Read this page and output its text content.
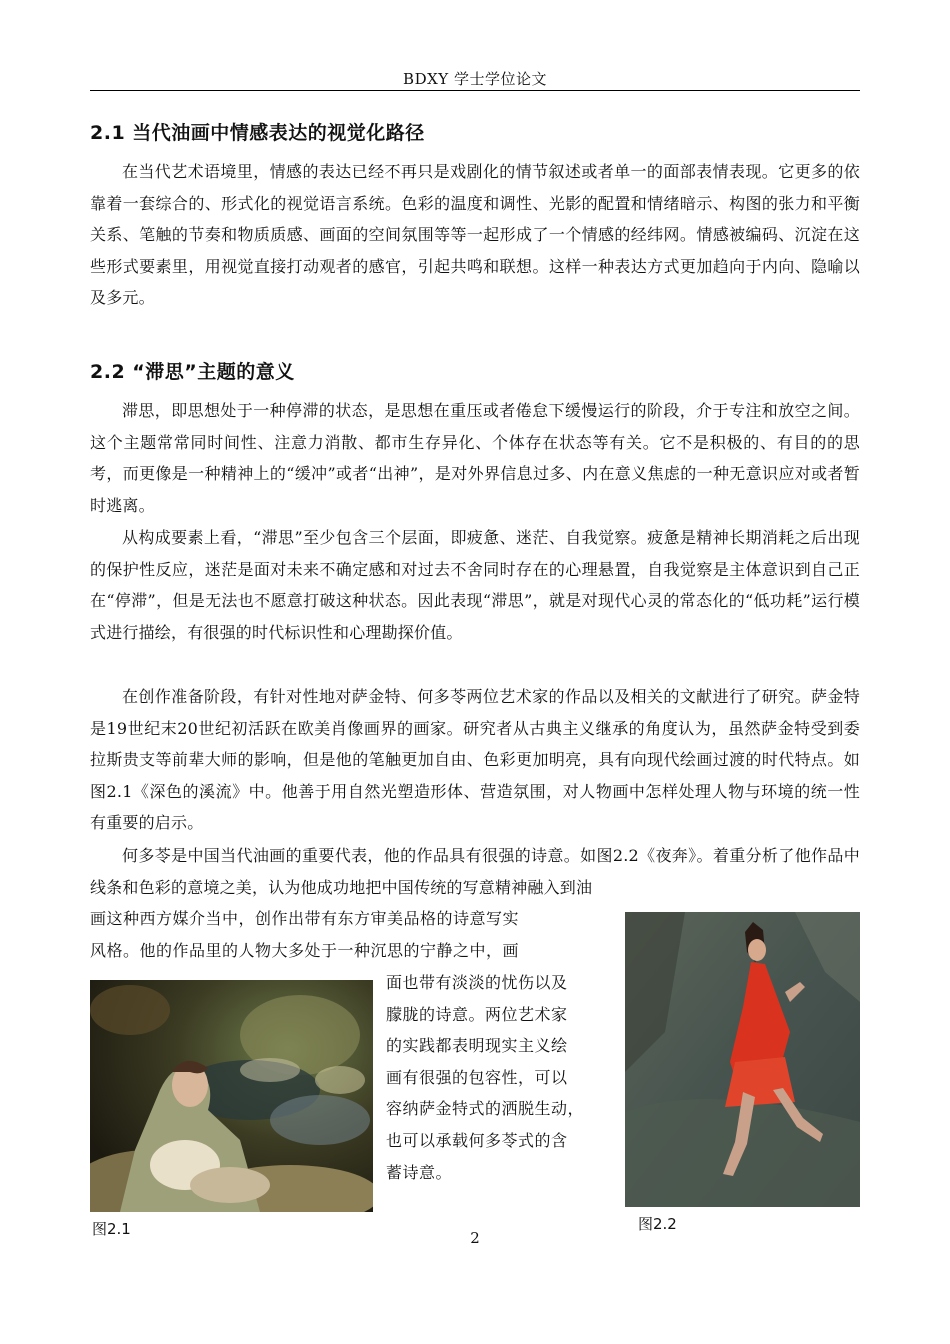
BDXY 学士学位论文
2.1 当代油画中情感表达的视觉化路径

在当代艺术语境里，情感的表达已经不再只是戏剧化的情节叙述或者单一的面部表情表现。它更多的依靠着一套综合的、形式化的视觉语言系统。色彩的温度和调性、光影的配置和情绪暗示、构图的张力和平衡关系、笔触的节奏和物质质感、画面的空间氛围等等一起形成了一个情感的经纬网。情感被编码、沉淀在这些形式要素里，用视觉直接打动观者的感官，引起共鸣和联想。这样一种表达方式更加趋向于内向、隐喻以及多元。

2.2 “滞思”主题的意义

滞思，即思想处于一种停滞的状态，是思想在重压或者倦怠下缓慢运行的阶段，介于专注和放空之间。这个主题常常同时间性、注意力消散、都市生存异化、个体存在状态等有关。它不是积极的、有目的的思考，而更像是一种精神上的“缓冲”或者“出神”，是对外界信息过多、内在意义焦虑的一种无意识应对或者暂时逃离。

从构成要素上看，“滞思”至少包含三个层面，即疲惫、迷茫、自我觉察。疲惫是精神长期消耗之后出现的保护性反应，迷茫是面对未来不确定感和对过去不舍同时存在的心理悬置，自我觉察是主体意识到自己正在“停滞”，但是无法也不愿意打破这种状态。因此表现“滞思”，就是对现代心灵的常态化的“低功耗”运行模式进行描绘，有很强的时代标识性和心理勘探价值。

在创作准备阶段，有针对性地对萨金特、何多苓两位艺术家的作品以及相关的文献进行了研究。萨金特是19世纪末20世纪初活跃在欧美肖像画界的画家。研究者从古典主义继承的角度认为，虽然萨金特受到委拉斯贵支等前辈大师的影响，但是他的笔触更加自由、色彩更加明亮，具有向现代绘画过渡的时代特点。如图2.1《深色的溪流》中。他善于用自然光塑造形体、营造氛围，对人物画中怎样处理人物与环境的统一性有重要的启示。

何多苓是中国当代油画的重要代表，他的作品具有很强的诗意。如图2.2《夜奔》。着重分析了他作品中线条和色彩的意境之美，认为他成功地把中国传统的写意精神融入到油

画这种西方媒介当中，创作出带有东方审美品格的诗意写实

风格。他的作品里的人物大多处于一种沉思的宁静之中，画

面也带有淡淡的忧伤以及
朦胧的诗意。两位艺术家
的实践都表明现实主义绘
画有很强的包容性，可以
容纳萨金特式的洒脱生动，
也可以承载何多苓式的含
蓄诗意。
图2.1	图2.2
2
